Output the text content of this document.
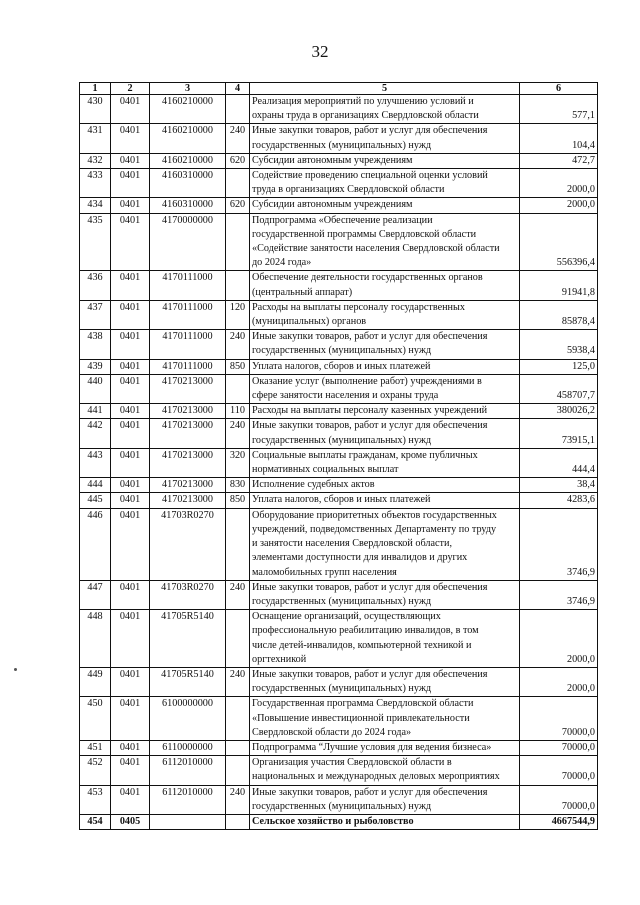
32
1	2	3	4	5	6
430	0401	4160210000		Реализация мероприятий по улучшению условий и
охраны труда в организациях Свердловской области	577,1
431	0401	4160210000	240	Иные закупки товаров, работ и услуг для обеспечения
государственных (муниципальных) нужд	104,4
432	0401	4160210000	620	Субсидии автономным учреждениям	472,7
433	0401	4160310000		Содействие проведению специальной оценки условий
труда в организациях Свердловской области	2000,0
434	0401	4160310000	620	Субсидии автономным учреждениям	2000,0
435	0401	4170000000		Подпрограмма «Обеспечение реализации
государственной программы Свердловской области
«Содействие занятости населения Свердловской области
до 2024 года»	556396,4
436	0401	4170111000		Обеспечение деятельности государственных органов
(центральный аппарат)	91941,8
437	0401	4170111000	120	Расходы на выплаты персоналу государственных
(муниципальных) органов	85878,4
438	0401	4170111000	240	Иные закупки товаров, работ и услуг для обеспечения
государственных (муниципальных) нужд	5938,4
439	0401	4170111000	850	Уплата налогов, сборов и иных платежей	125,0
440	0401	4170213000		Оказание услуг (выполнение работ) учреждениями в
сфере занятости населения и охраны труда	458707,7
441	0401	4170213000	110	Расходы на выплаты персоналу казенных учреждений	380026,2
442	0401	4170213000	240	Иные закупки товаров, работ и услуг для обеспечения
государственных (муниципальных) нужд	73915,1
443	0401	4170213000	320	Социальные выплаты гражданам, кроме публичных
нормативных социальных выплат	444,4
444	0401	4170213000	830	Исполнение судебных актов	38,4
445	0401	4170213000	850	Уплата налогов, сборов и иных платежей	4283,6
446	0401	41703R0270		Оборудование приоритетных объектов государственных
учреждений, подведомственных Департаменту по труду
и занятости населения Свердловской области,
элементами доступности для инвалидов и других
маломобильных групп населения	3746,9
447	0401	41703R0270	240	Иные закупки товаров, работ и услуг для обеспечения
государственных (муниципальных) нужд	3746,9
448	0401	41705R5140		Оснащение организаций, осуществляющих
профессиональную реабилитацию инвалидов, в том
числе детей-инвалидов, компьютерной техникой и
оргтехникой	2000,0
449	0401	41705R5140	240	Иные закупки товаров, работ и услуг для обеспечения
государственных (муниципальных) нужд	2000,0
450	0401	6100000000		Государственная программа Свердловской области
«Повышение инвестиционной привлекательности
Свердловской области до 2024 года»	70000,0
451	0401	6110000000		Подпрограмма “Лучшие условия для ведения бизнеса»	70000,0
452	0401	6112010000		Организация участия Свердловской области в
национальных и международных деловых мероприятиях	70000,0
453	0401	6112010000	240	Иные закупки товаров, работ и услуг для обеспечения
государственных (муниципальных) нужд	70000,0
454	0405			Сельское хозяйство и рыболовство	4667544,9
